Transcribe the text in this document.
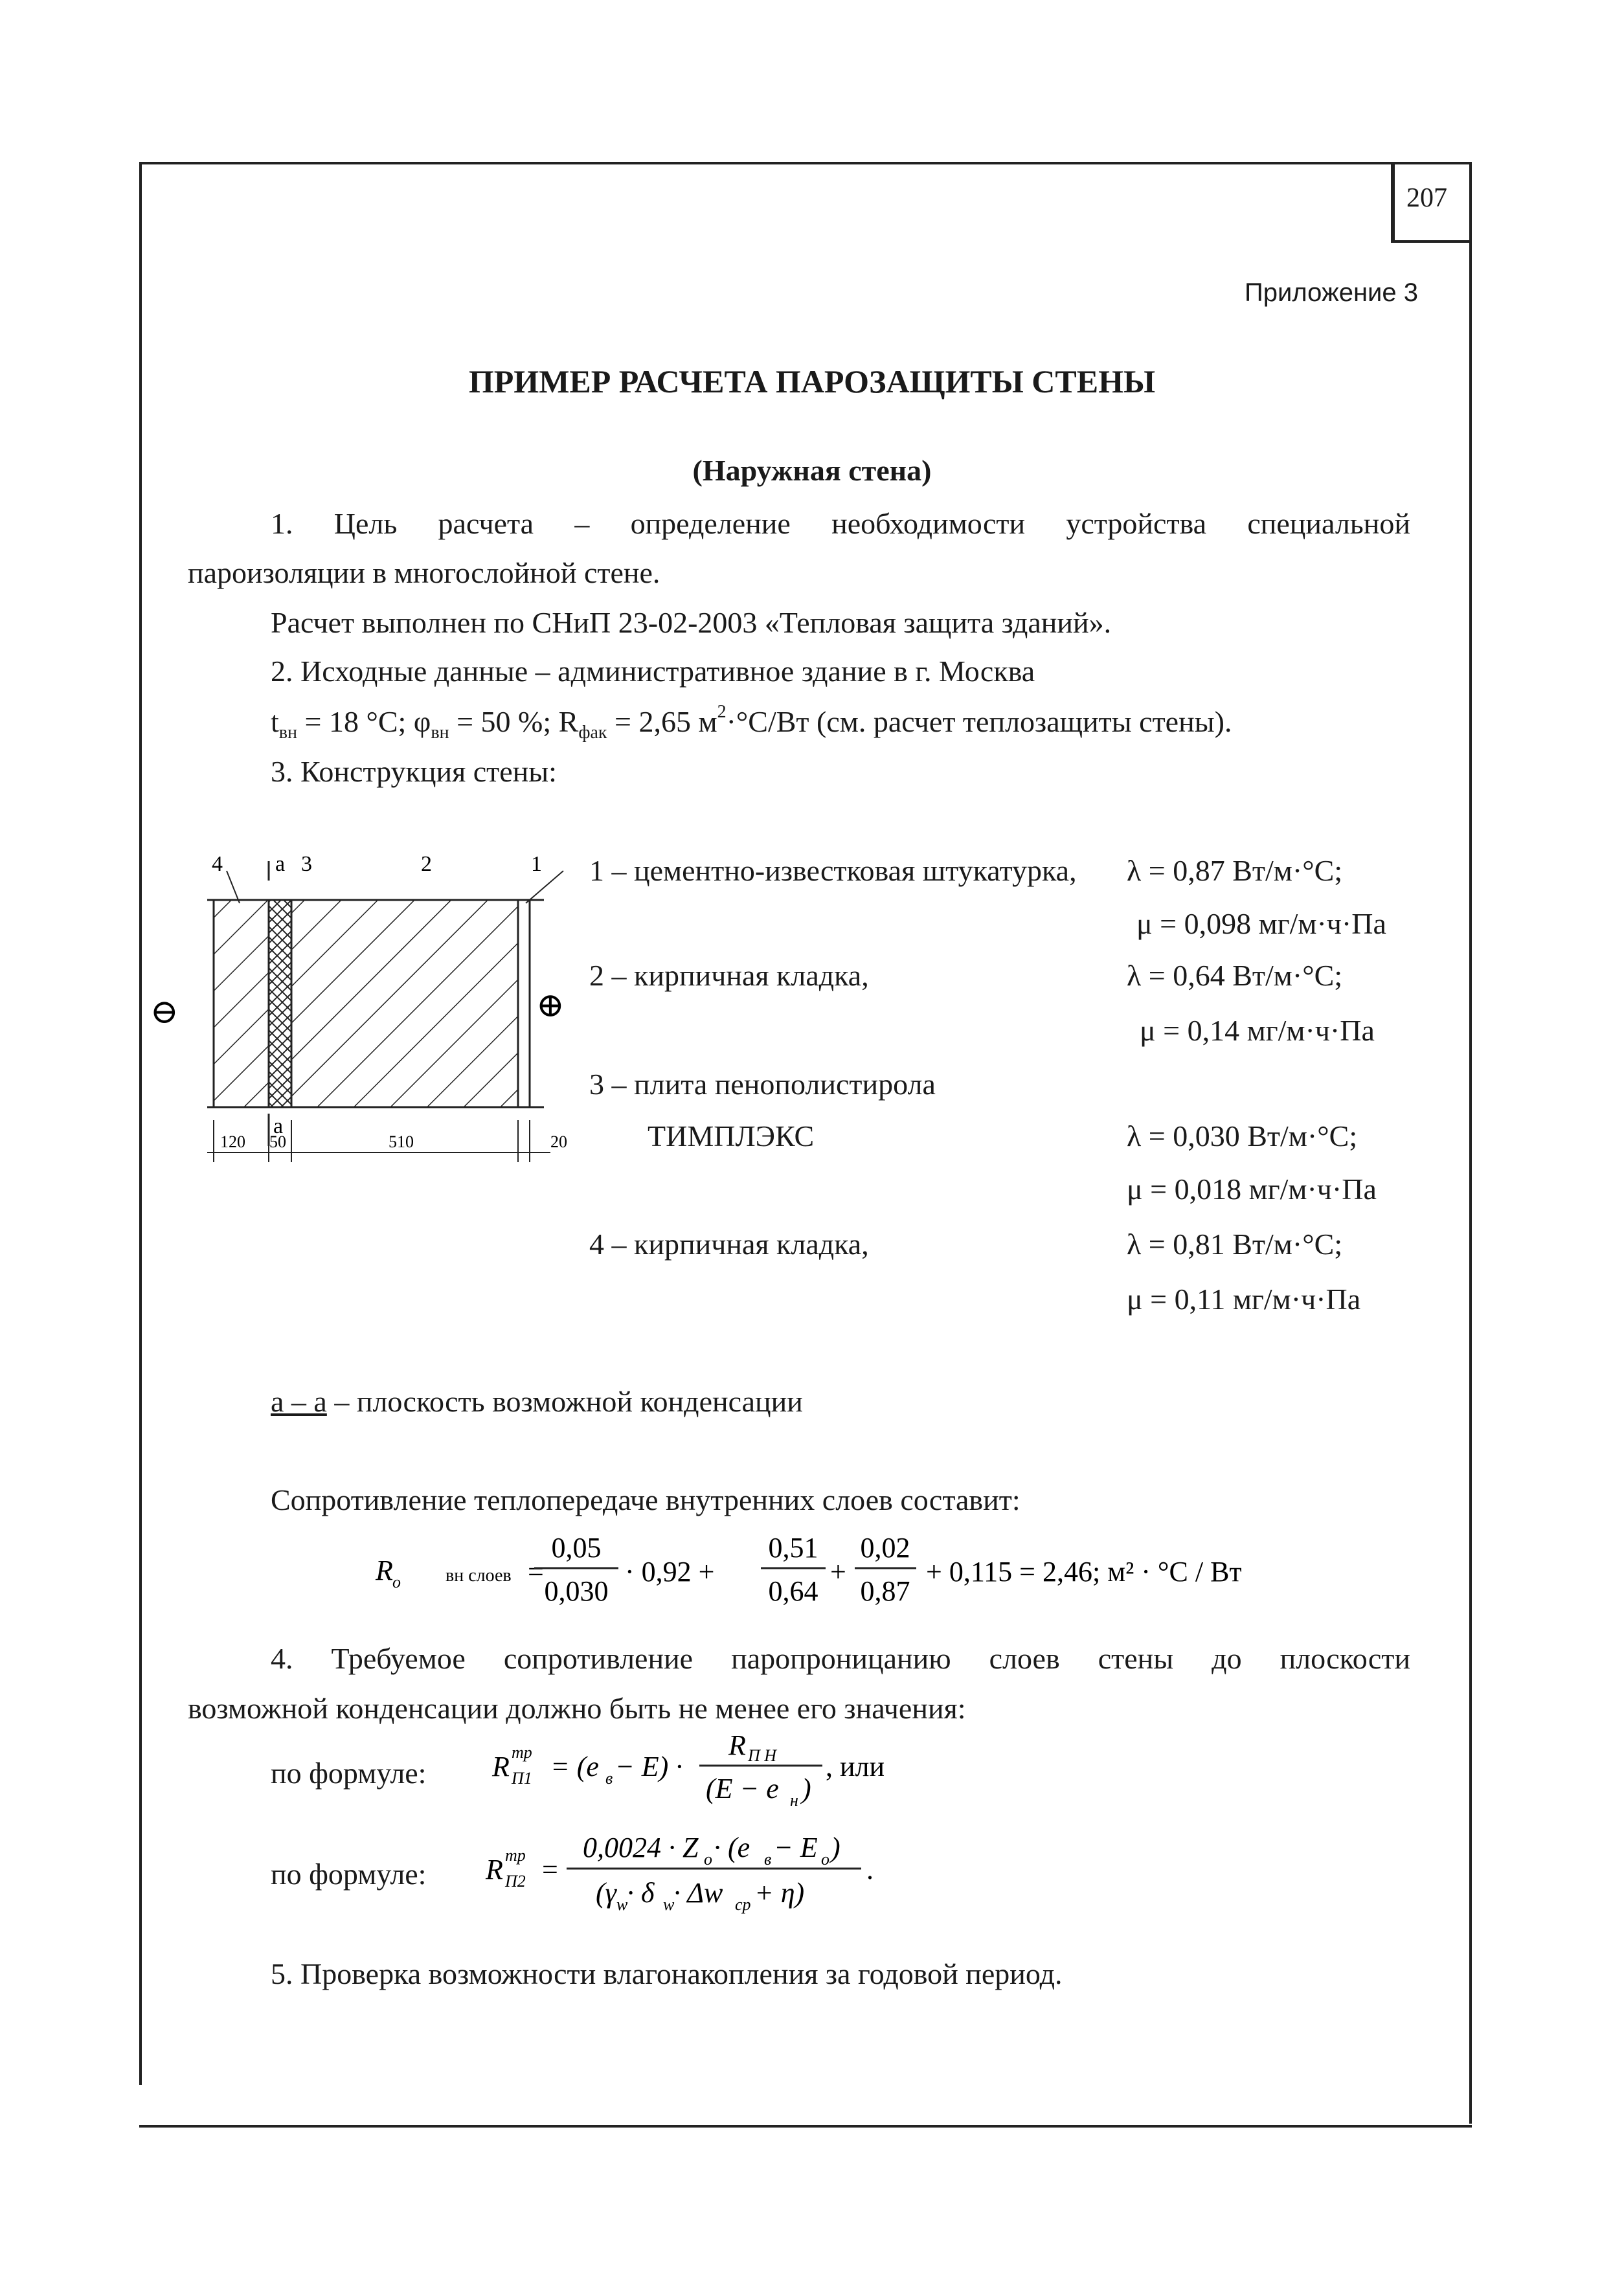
207
Приложение 3
ПРИМЕР РАСЧЕТА ПАРОЗАЩИТЫ СТЕНЫ
(Наружная стена)
1. Цель расчета – определение необходимости устройства специальной
пароизоляции в многослойной стене.
Расчет выполнен по СНиП 23-02-2003 «Тепловая защита зданий».
2. Исходные данные – административное здание в г. Москва
$t_{вн} = 18$ °С; $\varphi_{вн} = 50$ %; $R_{фак} = 2,65$ $м^2\cdot^\circ С/Вт$ (см. расчет теплозащиты стены).
3. Конструкция стены:
4 а 3	2	1
а
⊖	⊕
120 50	510	20
1 – цементно-известковая штукатурка, λ = 0,87 Вт/м·°С;
μ = 0,098 мг/м·ч·Па
2 – кирпичная кладка,	λ = 0,64 Вт/м·°С;
μ = 0,14 мг/м·ч·Па
3 – плита пенополистирола
ТИМПЛЭКС	λ = 0,030 Вт/м·°С;
μ = 0,018 мг/м·ч·Па
4 – кирпичная кладка,	λ = 0,81 Вт/м·°С;
μ = 0,11 мг/м·ч·Па
а – а – плоскость возможной конденсации
Сопротивление теплопередаче внутренних слоев составит:
R о вн слоев =
0,05
0,030
· 0,92 +
0,51
0,64
+
0,02
0,87
+ 0,115 = 2,46; м² · °С / Вт
4. Требуемое сопротивление паропроницанию слоев стены до плоскости
возможной конденсации должно быть не менее его значения:
по формуле: R тр
П1 = (e в − E) ·
R П Н
(E − e н )
, или
по формуле: R тр
П2 =
0,0024 · Z о · (e в − E о )
(γ w
· δ w
· Δw ср + η)
.
5. Проверка возможности влагонакопления за годовой период.
